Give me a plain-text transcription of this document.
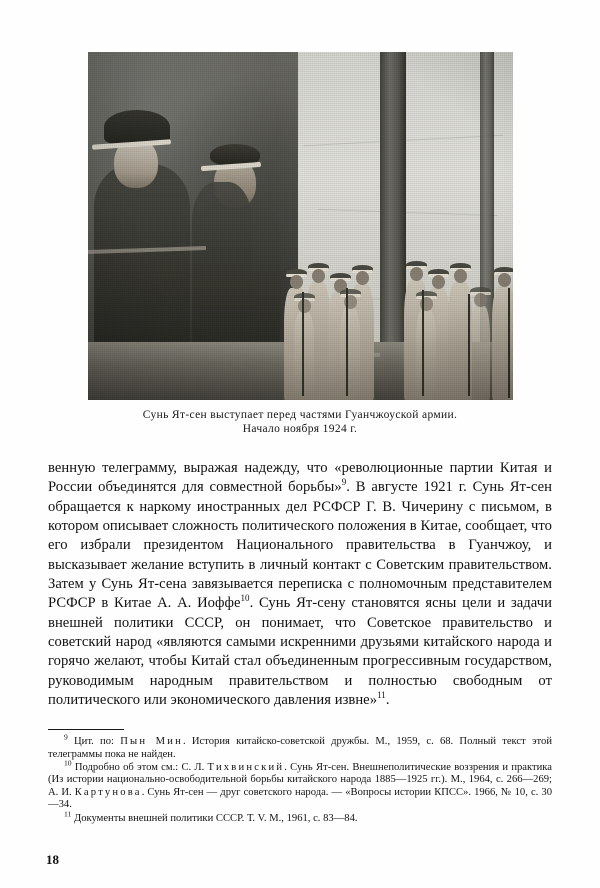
Сунь Ят-сен выступает перед частями Гуанчжоуской армии.
Начало ноября 1924 г.
венную телеграмму, выражая надежду, что «революционные партии Китая и России объединятся для совместной борьбы»$^9$. В августе 1921 г. Сунь Ят-сен обращается к наркому иностранных дел РСФСР Г. В. Чичерину с письмом, в котором описывает сложность политического положения в Китае, сообщает, что его избрали президентом Национального правительства в Гуанчжоу, и высказывает желание вступить в личный контакт с Советским правительством. Затем у Сунь Ят-сена завязывается переписка с полномочным представителем РСФСР в Китае А. А. Иоффе$^{10}$. Сунь Ят-сену становятся ясны цели и задачи внешней политики СССР, он понимает, что Советское правительство и советский народ «являются самыми искренними друзьями китайского народа и горячо желают, чтобы Китай стал объединенным прогрессивным государством, руководимым народным правительством и полностью свободным от политического или экономического давления извне»$^{11}$.

$^9$ Цит. по: Пын Мин. История китайско-советской дружбы. М., 1959, с. 68. Полный текст этой телеграммы пока не найден.

$^{10}$ Подробно об этом см.: С. Л. Тихвинский. Сунь Ят-сен. Внешнеполитические воззрения и практика (Из истории национально-освободительной борьбы китайского народа 1885—1925 гг.). М., 1964, с. 266—269; А. И. Картунова. Сунь Ят-сен — друг советского народа. — «Вопросы истории КПСС». 1966, № 10, с. 30—34.

$^{11}$ Документы внешней политики СССР. Т. V. М., 1961, с. 83—84.

18
